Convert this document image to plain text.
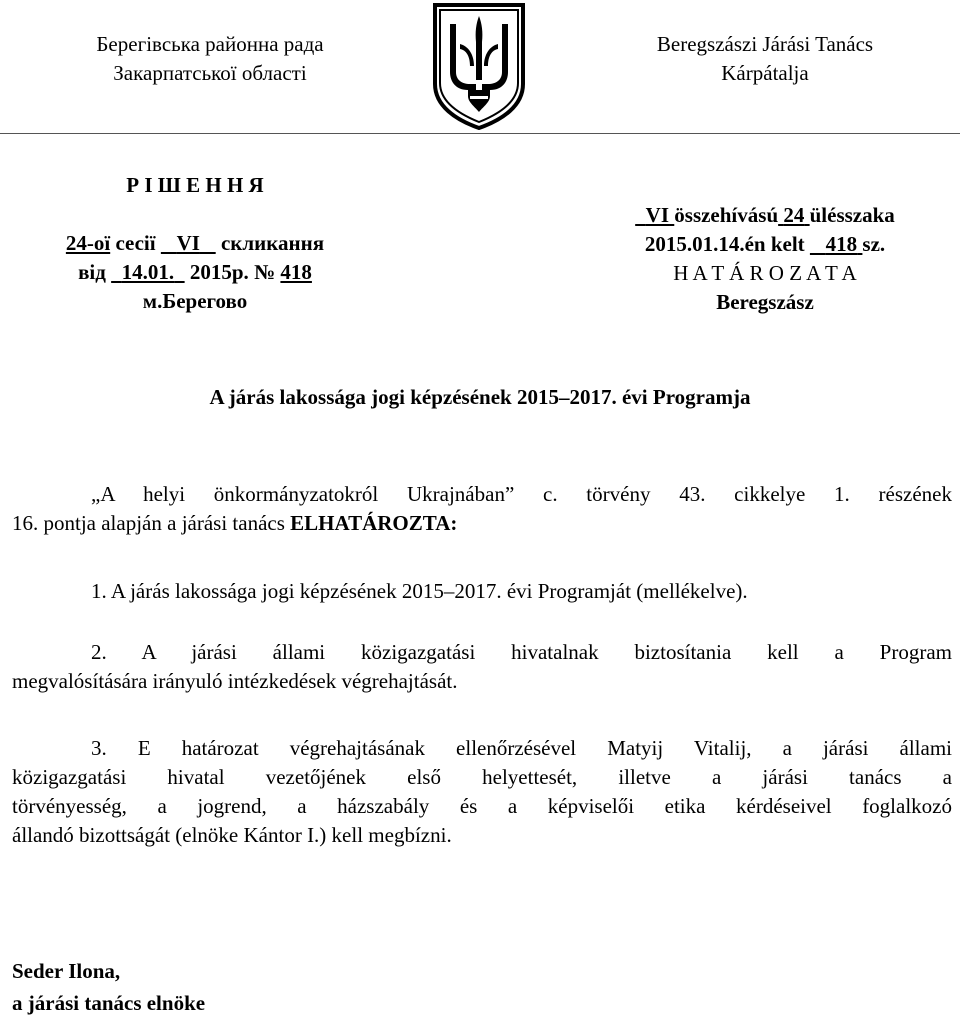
Берегівська районна рада
Закарпатської області
Beregszászi Járási Tanács
Kárpátalja
Р І Ш Е Н Н Я
24-ої сесії VI скликання
від 14.01. 2015р. № 418
м.Берегово
VI összehívású 24 ülésszaka
2015.01.14.én kelt 418 sz.
H A T Á R O Z A T A
Beregszász
A járás lakossága jogi képzésének 2015–2017. évi Programja
„A helyi önkormányzatokról Ukrajnában” c. törvény 43. cikkelye 1. részének
16. pontja alapján a járási tanács ELHATÁROZTA:
1. A járás lakossága jogi képzésének 2015–2017. évi Programját (mellékelve).
2. A járási állami közigazgatási hivatalnak biztosítania kell a Program
megvalósítására irányuló intézkedések végrehajtását.
3. E határozat végrehajtásának ellenőrzésével Matyij Vitalij, a járási állami
közigazgatási hivatal vezetőjének első helyettesét, illetve a járási tanács a
törvényesség, a jogrend, a házszabály és a képviselői etika kérdéseivel foglalkozó
állandó bizottságát (elnöke Kántor I.) kell megbízni.
Seder Ilona,
a járási tanács elnöke
